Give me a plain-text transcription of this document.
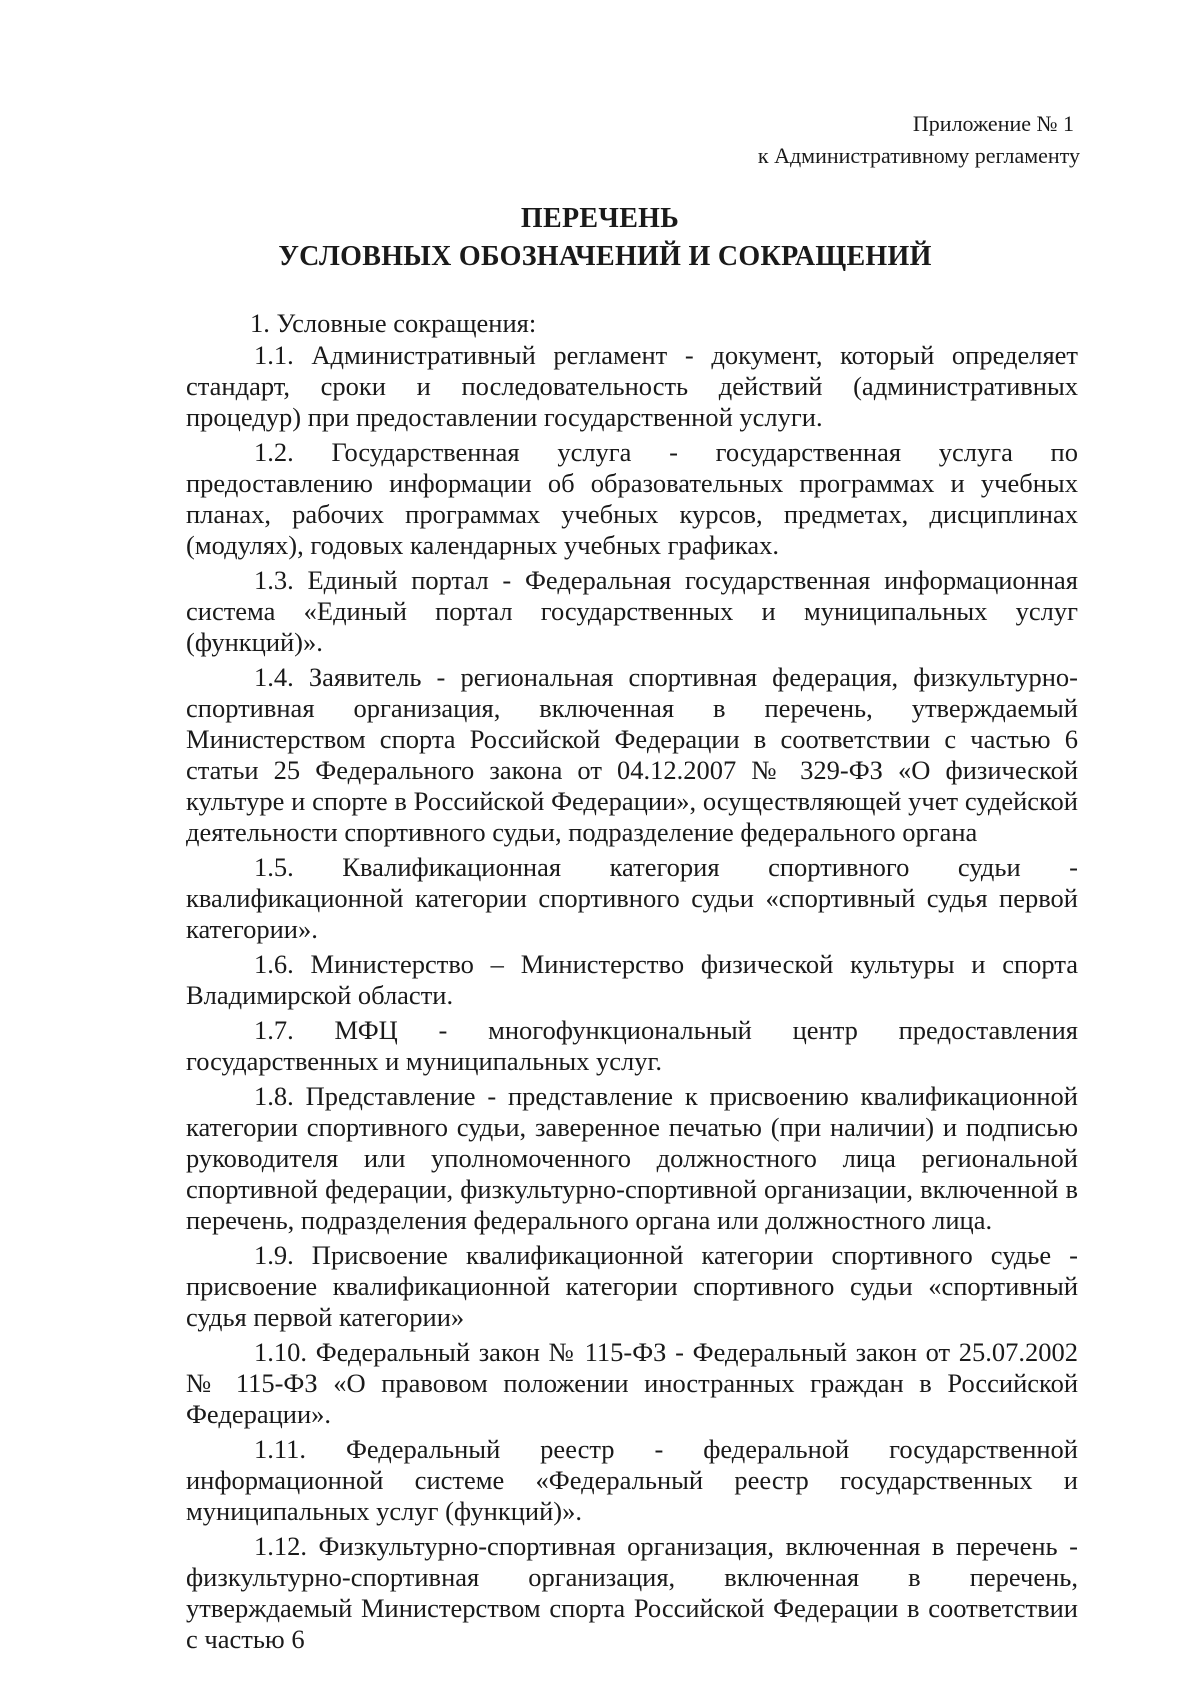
Приложение № 1
к Административному регламенту
ПЕРЕЧЕНЬ
УСЛОВНЫХ ОБОЗНАЧЕНИЙ И СОКРАЩЕНИЙ

1. Условные сокращения:

1.1. Административный регламент - документ, который определяет стандарт, сроки и последовательность действий (административных процедур) при предоставлении государственной услуги.

1.2. Государственная услуга - государственная услуга по предоставлению информации об образовательных программах и учебных планах, рабочих программах учебных курсов, предметах, дисциплинах (модулях), годовых календарных учебных графиках.

1.3. Единый портал - Федеральная государственная информационная система «Единый портал государственных и муниципальных услуг (функций)».

1.4. Заявитель - региональная спортивная федерация, физкультурно-спортивная организация, включенная в перечень, утверждаемый Министерством спорта Российской Федерации в соответствии с частью 6 статьи 25 Федерального закона от 04.12.2007 № 329-ФЗ «О физической культуре и спорте в Российской Федерации», осуществляющей учет судейской деятельности спортивного судьи, подразделение федерального органа

1.5. Квалификационная категория спортивного судьи - квалификационной категории спортивного судьи «спортивный судья первой категории».

1.6. Министерство – Министерство физической культуры и спорта Владимирской области.

1.7. МФЦ - многофункциональный центр предоставления государственных и муниципальных услуг.

1.8. Представление - представление к присвоению квалификационной категории спортивного судьи, заверенное печатью (при наличии) и подписью руководителя или уполномоченного должностного лица региональной спортивной федерации, физкультурно-спортивной организации, включенной в перечень, подразделения федерального органа или должностного лица.

1.9. Присвоение квалификационной категории спортивного судье - присвоение квалификационной категории спортивного судьи «спортивный судья первой категории»

1.10. Федеральный закон № 115-ФЗ - Федеральный закон от 25.07.2002 № 115-ФЗ «О правовом положении иностранных граждан в Российской Федерации».

1.11. Федеральный реестр - федеральной государственной информационной системе «Федеральный реестр государственных и муниципальных услуг (функций)».

1.12. Физкультурно-спортивная организация, включенная в перечень - физкультурно-спортивная организация, включенная в перечень, утверждаемый Министерством спорта Российской Федерации в соответствии с частью 6
